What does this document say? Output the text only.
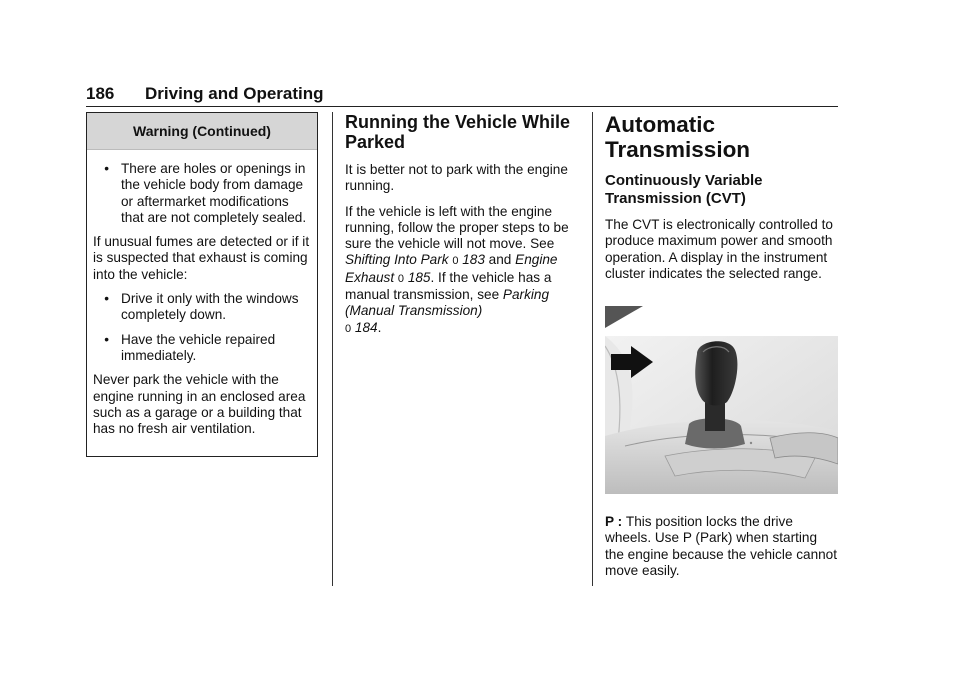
186 Driving and Operating
Warning (Continued)
• There are holes or openings in the vehicle body from damage or aftermarket modifications that are not completely sealed.

If unusual fumes are detected or if it is suspected that exhaust is coming into the vehicle:

• Drive it only with the windows completely down.
• Have the vehicle repaired immediately.

Never park the vehicle with the engine running in an enclosed area such as a garage or a building that has no fresh air ventilation.

Running the Vehicle While Parked

It is better not to park with the engine running.

If the vehicle is left with the engine running, follow the proper steps to be sure the vehicle will not move. See Shifting Into Park 0 183 and Engine Exhaust 0 185. If the vehicle has a manual transmission, see Parking (Manual Transmission)
0 184.

Automatic Transmission
Continuously Variable Transmission (CVT)

The CVT is electronically controlled to produce maximum power and smooth operation. A display in the instrument cluster indicates the selected range.

P : This position locks the drive wheels. Use P (Park) when starting the engine because the vehicle cannot move easily.
